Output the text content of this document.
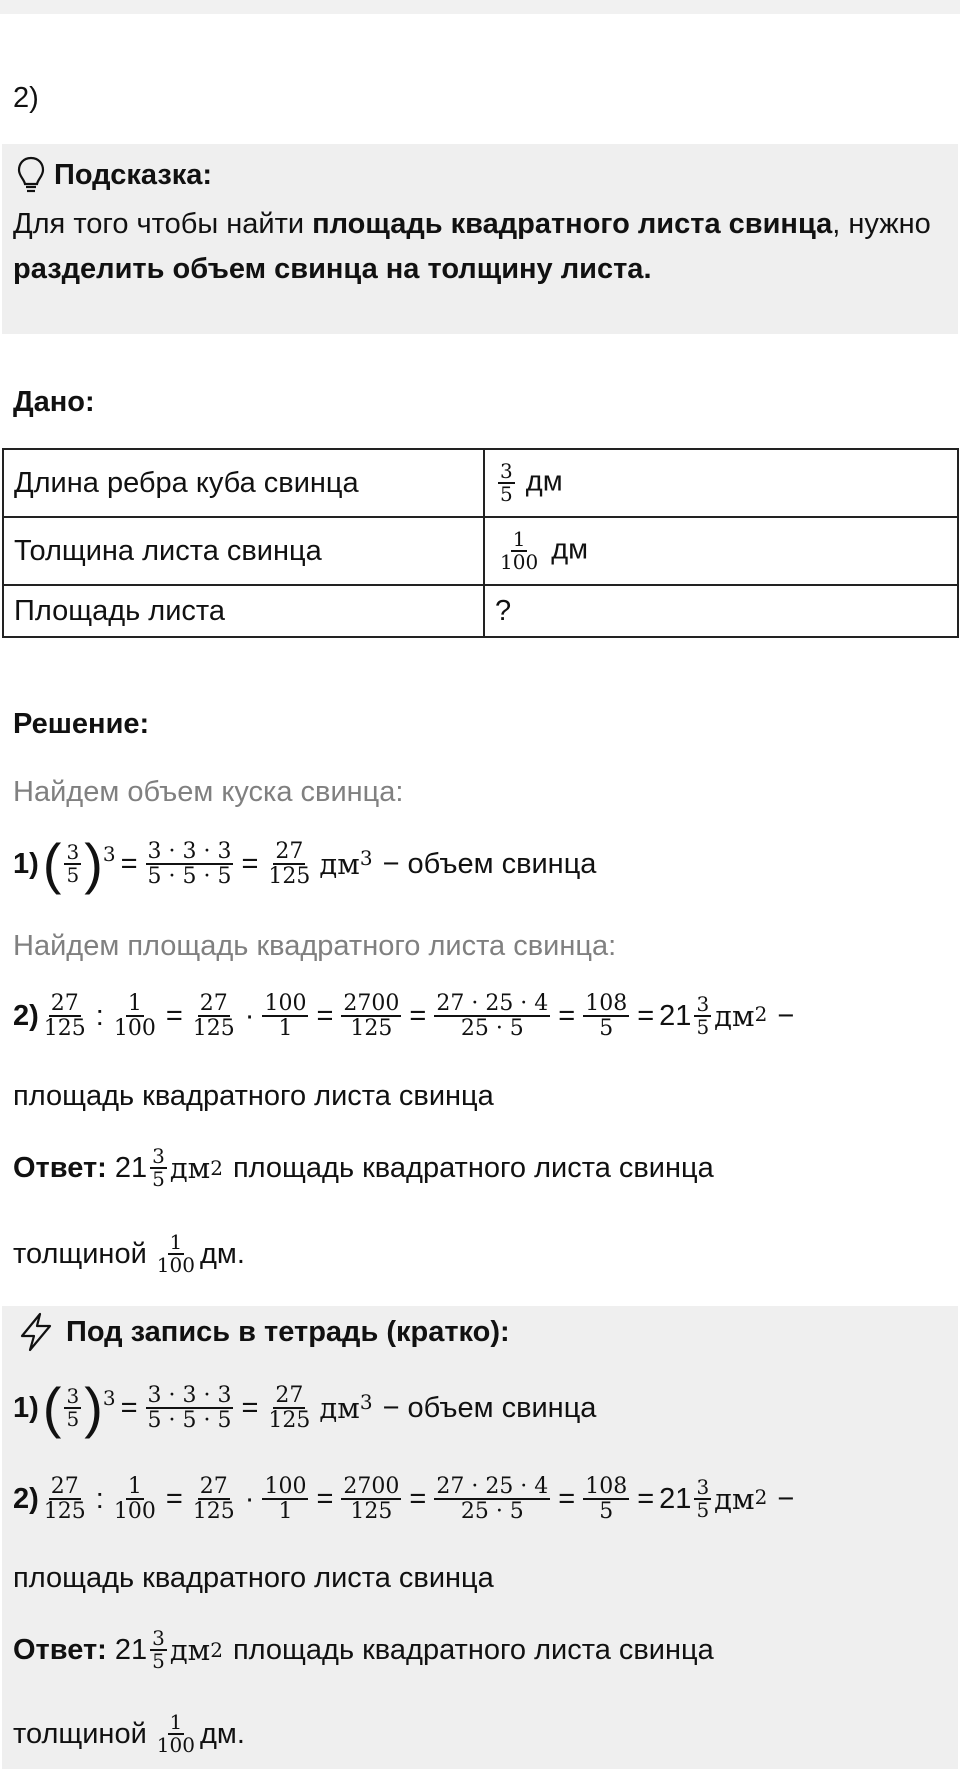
2)
Подсказка:
Для того чтобы найти площадь квадратного листа свинца, нужно разделить объем свинца на толщину листа.
Дано:
Длина ребра куба свинца	$\frac{3}{5}$ дм
Толщина листа свинца	$\frac{1}{100}$ дм
Площадь листа	?
Решение:
Найдем объем куска свинца:
1) ( $\frac{3}{5} )^3 = \frac{3 \cdot 3 \cdot 3}{5 \cdot 5 \cdot 5} = \frac{27}{125} дм^3$ − объем свинца
Найдем площадь квадратного листа свинца:
$2) \frac{27}{125}$ : $\frac{1}{100} = \frac{27}{125} \cdot \frac{100}{1} = \frac{2700}{125} = \frac{27 \cdot 25 \cdot 4}{25 \cdot 5} = \frac{108}{5} = 21 \frac{3}{5}$ дм 2 −
площадь квадратного листа свинца
Ответ: $21 \frac{3}{5}$ дм 2 площадь квадратного листа свинца
толщиной $\frac{1}{100}$ дм.
Под запись в тетрадь (кратко):
1) ( $\frac{3}{5} )^3 = \frac{3 \cdot 3 \cdot 3}{5 \cdot 5 \cdot 5} = \frac{27}{125} дм^3$ − объем свинца
$2) \frac{27}{125}$ : $\frac{1}{100} = \frac{27}{125} \cdot \frac{100}{1} = \frac{2700}{125} = \frac{27 \cdot 25 \cdot 4}{25 \cdot 5} = \frac{108}{5} = 21 \frac{3}{5}$ дм 2 −
площадь квадратного листа свинца
Ответ: $21 \frac{3}{5}$ дм 2 площадь квадратного листа свинца
толщиной $\frac{1}{100}$ дм.
